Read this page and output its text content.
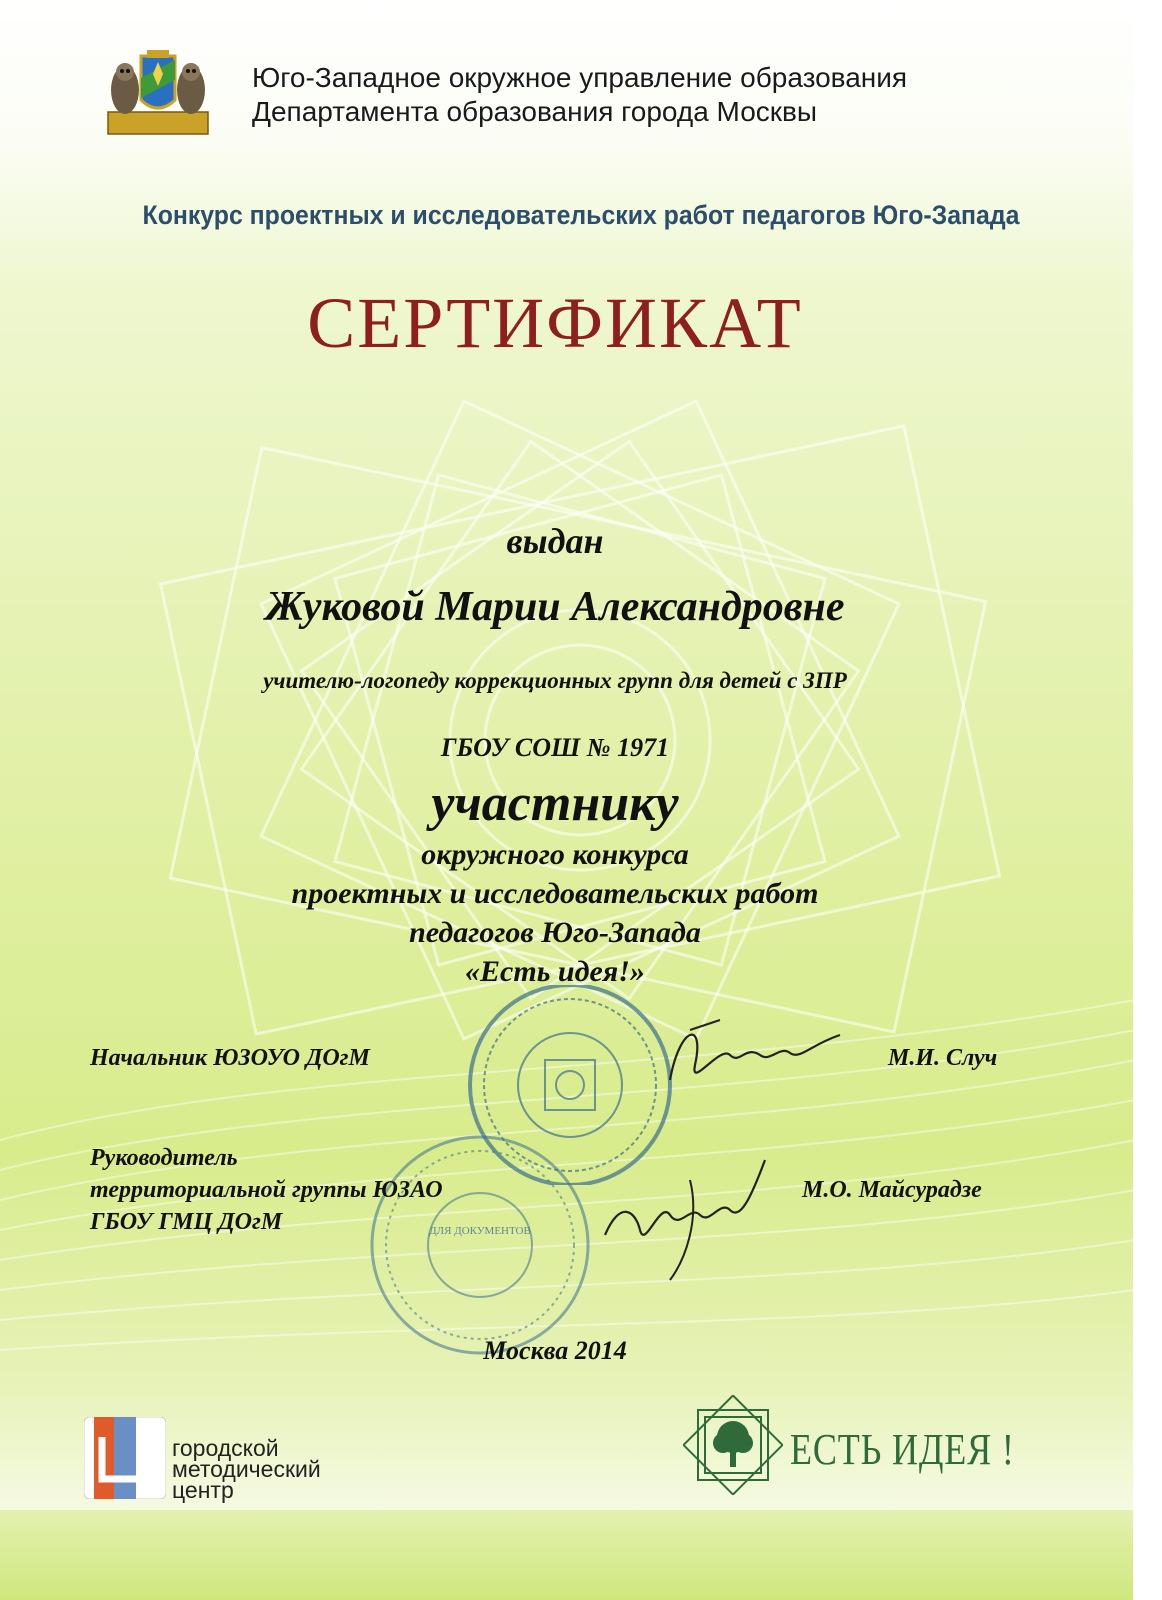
Юго-Западное окружное управление образования
Департамента образования города Москвы
Конкурс проектных и исследовательских работ педагогов Юго-Запада
СЕРТИФИКАТ
выдан
Жуковой Марии Александровне
учителю-логопеду коррекционных групп для детей с ЗПР
ГБОУ СОШ № 1971
участнику
окружного конкурса
проектных и исследовательских работ
педагогов Юго-Запада
«Есть идея!»
ДЛЯ ДОКУМЕНТОВ
Начальник ЮЗОУО ДОгМ	М.И. Случ
Руководитель
территориальной группы ЮЗАО
ГБОУ ГМЦ ДОгМ
М.О. Майсурадзе
Москва 2014
городской
методический
центр
ЕСТЬ ИДЕЯ !
